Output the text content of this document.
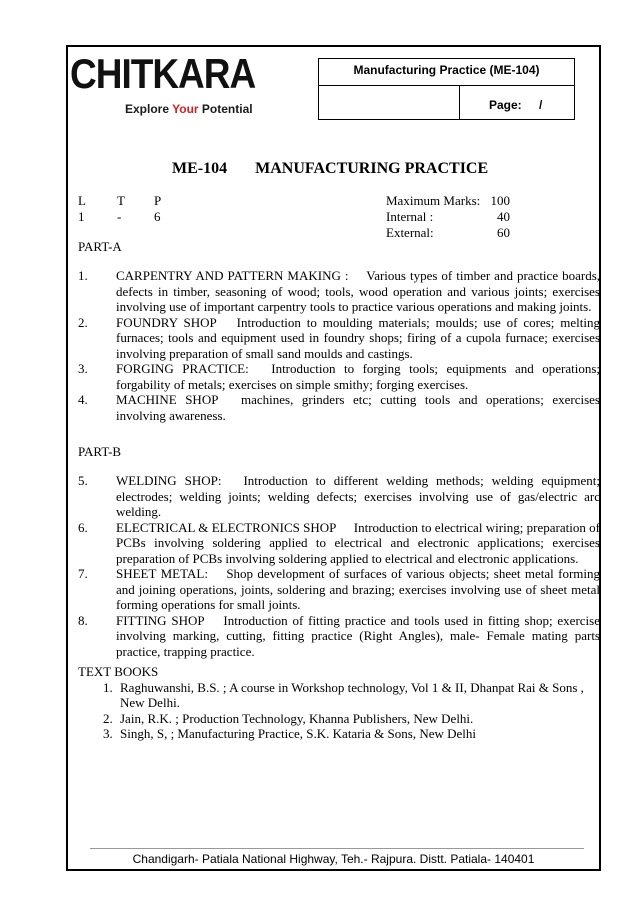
CHITKARA
Explore Your Potential
Manufacturing Practice (ME-104)
Page: /
ME-104 MANUFACTURING PRACTICE
L
1
T
-
P
6
Maximum Marks:
Internal :
External:
100
40
60
PART-A
1. CARPENTRY AND PATTERN MAKING : Various types of timber and practice boards, defects in timber, seasoning of wood; tools, wood operation and various joints; exercises involving use of important carpentry tools to practice various operations and making joints.
2. FOUNDRY SHOP Introduction to moulding materials; moulds; use of cores; melting furnaces; tools and equipment used in foundry shops; firing of a cupola furnace; exercises involving preparation of small sand moulds and castings.
3. FORGING PRACTICE: Introduction to forging tools; equipments and operations; forgability of metals; exercises on simple smithy; forging exercises.
4. MACHINE SHOP machines, grinders etc; cutting tools and operations; exercises involving awareness.
PART-B
5. WELDING SHOP: Introduction to different welding methods; welding equipment; electrodes; welding joints; welding defects; exercises involving use of gas/electric arc welding.
6. ELECTRICAL & ELECTRONICS SHOP Introduction to electrical wiring; preparation of PCBs involving soldering applied to electrical and electronic applications; exercises preparation of PCBs involving soldering applied to electrical and electronic applications.
7. SHEET METAL: Shop development of surfaces of various objects; sheet metal forming and joining operations, joints, soldering and brazing; exercises involving use of sheet metal forming operations for small joints.
8. FITTING SHOP Introduction of fitting practice and tools used in fitting shop; exercise involving marking, cutting, fitting practice (Right Angles), male- Female mating parts practice, trapping practice.
TEXT BOOKS
1. Raghuwanshi, B.S. ; A course in Workshop technology, Vol 1 & II, Dhanpat Rai & Sons , New Delhi.
2. Jain, R.K. ; Production Technology, Khanna Publishers, New Delhi.
3. Singh, S, ; Manufacturing Practice, S.K. Kataria & Sons, New Delhi
Chandigarh- Patiala National Highway, Teh.- Rajpura. Distt. Patiala- 140401
